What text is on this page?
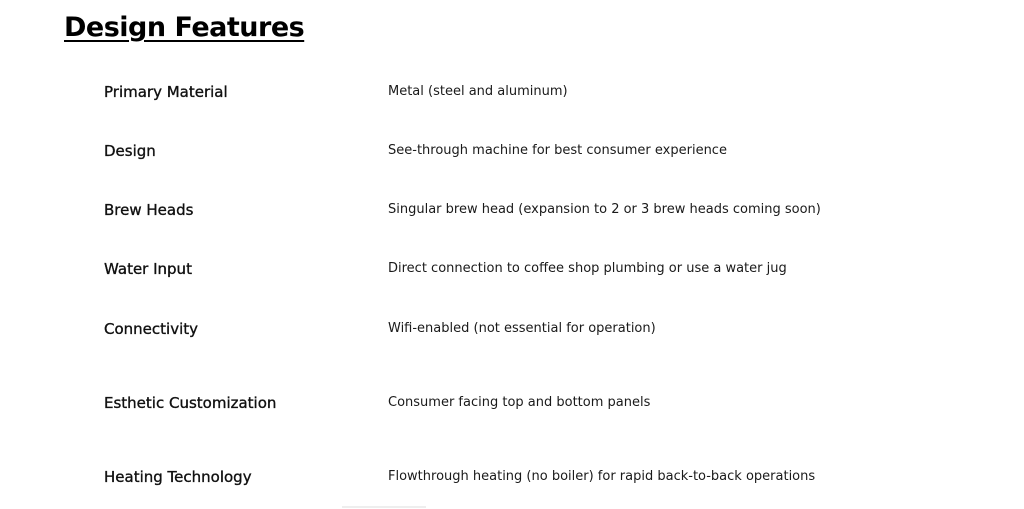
Design Features
Primary Material	Metal (steel and aluminum)
Design	See-through machine for best consumer experience
Brew Heads	Singular brew head (expansion to 2 or 3 brew heads coming soon)
Water Input	Direct connection to coffee shop plumbing or use a water jug
Connectivity	Wifi-enabled (not essential for operation)
Esthetic Customization	Consumer facing top and bottom panels
Heating Technology	Flowthrough heating (no boiler) for rapid back-to-back operations
